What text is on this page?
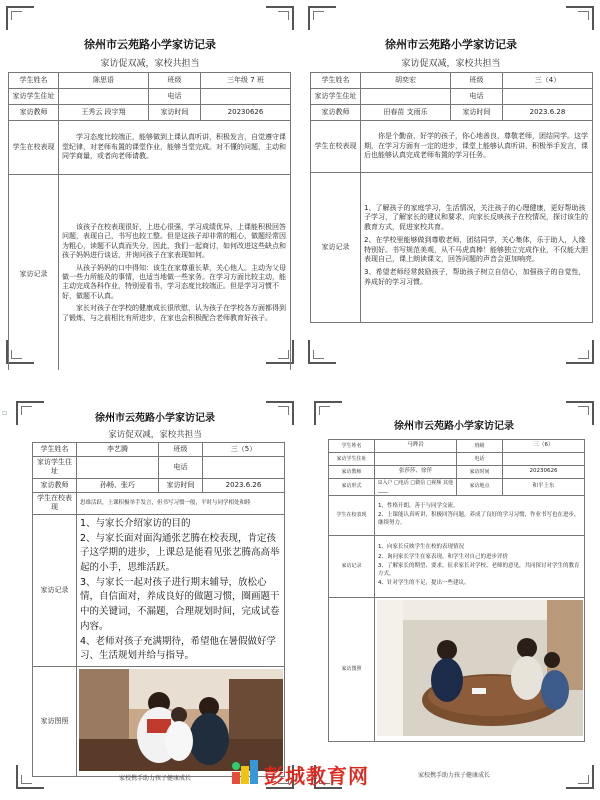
徐州市云苑路小学家访记录
家访促双减，家校共担当
学生姓名	陈思语	班级	三年级 7 班
家访学生住址		电话	
家访教师	王秀云 段宇翔	家访时间	20230626
学生在校表现	学习态度比较端正，能够做到上课认真听讲，积极发言，自觉遵守课堂纪律，对老师布置的课堂作业，能够当堂完成。对不懂的问题，主动和同学商量，或者向老师请教。		

家访记录	该孩子在校表现很好，上进心很强，学习成绩优异，上课能积极回答问题，表现自己，书写也较工整。但是这孩子却非常的粗心，做题经常因为粗心，读题不认真而失分，因此，我们一起商讨，如何改进这些缺点和孩子妈妈进行谈话，并询问孩子在家表现如何。

从孩子妈妈的口中得知：该生在家尊重长辈，关心他人。主动为父母做一些力所能及的事情，也适当地做一些家务。在学习方面比较主动，能主动完成各科作业，特别爱看书，学习态度比较端正。但是学习习惯不好，做题不认真。

家长对孩子在学校的健康成长很欣慰，认为孩子在学校各方面都得到了锻炼，与之前相比有所进步，在家也会积极配合老师教育好孩子。		

徐州市云苑路小学家访记录
家访促双减，家校共担当
学生姓名	胡奕宏	班级	三（4）
家访学生住址		电话	
家访教师	田春苗 支雨乐	家访时间	2023.6.28
学生在校表现	你是个勤奋，好学的孩子，你心地善良，尊敬老师，团结同学。这学期，在学习方面有一定的进步，课堂上能够认真听讲，积极举手发言，课后也能够认真完成老师布置的学习任务。		

家访记录	1、了解孩子的家庭学习，生活情况，关注孩子的心理健康，更好帮助孩子学习，了解家长的建议和要求，向家长反映孩子在校情况，探讨该生的教育方式，促进家校共育。

2、在学校里能够做到尊敬老师，团结同学，关心集体，乐于助人，人缘特别好。书写规范美观，从不马虎真棒！能够独立完成作业，不仅能大胆表现自己，课上朗读课文，回答问题的声音会更加响亮。

3、希望老师经常鼓励孩子，帮助孩子树立自信心，加强孩子的自觉性，养成好的学习习惯。		

徐州市云苑路小学家访记录
家访促双减，家校共担当
学生姓名	李艺腾	班级	三（5）
家访学生住址		电话	
家访教师	孙畅、张巧	家访时间	2023.6.26
学生在校表现	思维活跃，上课积极举手发言，但书写习惯一般，平时与同学相处和睦		
家访记录	1、与家长介绍家访的目的

2、与家长面对面沟通张艺腾在校表现，肯定孩子这学期的进步，上课总是能看见张艺腾高高举起的小手，思维活跃。

3、与家长一起对孩子进行期末辅导，放松心情，自信面对，养成良好的做题习惯，圈画题干中的关键词，不漏题，合理规划时间，完成试卷内容。

4、老师对孩子充满期待，希望他在暑假做好学习、生活规划并给与指导。		

家访图照	
家校携手助力孩子健康成长
徐州市云苑路小学家访记录
学生姓名	马晔岩	班级	三（6）
家访学生住址		电话	
家访教师	张莎莎、徐萍	家访时间	20230626
家访形式	☑入户 □电话 □微信 □视频 其他____	家访地点	和平上东
学生在校表现	1、性格开朗，善于与同学交流。

2、上课能认真听讲，积极回答问题，养成了良好的学习习惯，作业书写也在进步，继续努力。		

家访记录	1、向家长反映学生在校的表现情况

2、询问家长学生在家表现，和学生对自己的进步评价

3、了解家长的期望、要求，征求家长对学校、老师的意见，共同探讨对学生的教育方式。

4、针对学生的不足，提出一些建议。		

家访图照	
家校携手助力孩子健康成长
▫
彭城教育网
